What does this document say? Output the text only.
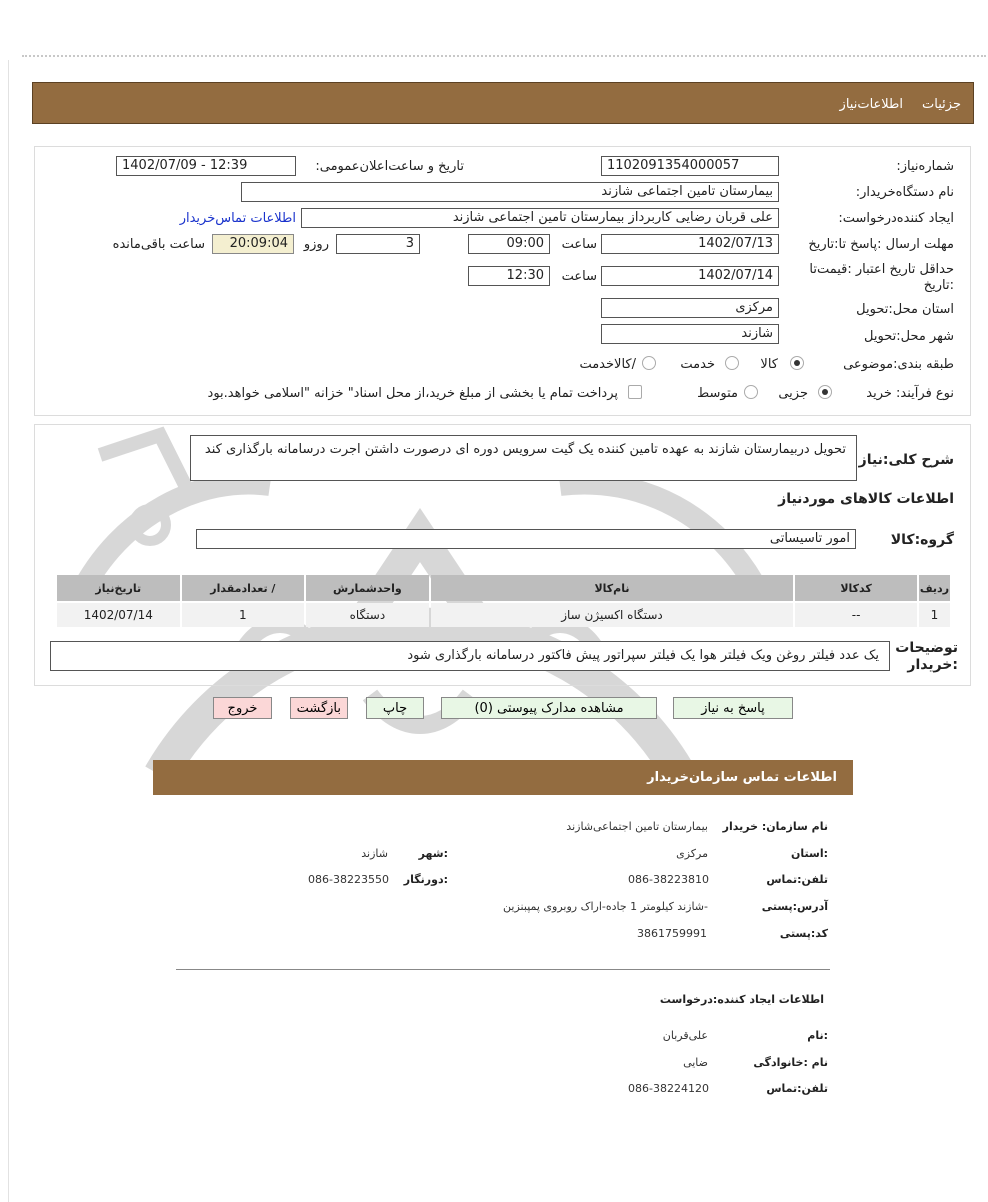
جزئیات
اطلاعات‌نیاز
شماره‌نیاز:
1102091354000057
تاریخ و ساعت‌اعلان‌عمومی:
1402/07/09 - 12:39
نام دستگاه‌خریدار:
بیمارستان تامین اجتماعی شازند
ایجاد کننده‌درخواست:
علی قربان رضایی کاربرداز بیمارستان تامین اجتماعی شازند
اطلاعات تماس‌خریدار
مهلت ارسال :پاسخ تا:تاریخ
1402/07/13
ساعت
09:00
3
روزو
20:09:04
ساعت باقی‌مانده
حداقل تاریخ اعتبار :قیمت‌تا
:تاریخ
1402/07/14
ساعت
12:30
استان محل:تحویل
مرکزی
شهر محل:تحویل
شازند
طبقه بندی:موضوعی
کالا
خدمت
/کالاخدمت
نوع فرآیند: خرید
جزیی
متوسط
پرداخت تمام یا بخشی از مبلغ خرید،از محل اسناد" خزانه "اسلامی خواهد.بود
شرح کلی:نیاز
تحویل دربیمارستان شازند به عهده تامین کننده یک گیت سرویس دوره ای درصورت داشتن اجرت درسامانه بارگذاری کند
اطلاعات کالاهای موردنیاز
گروه:کالا
امور تاسیساتی
ردیف	کدکالا	نام‌کالا	واحدشمارش	/ تعدادمقدار	تاریخ‌نیاز
1	--	دستگاه اکسیژن ساز	دستگاه	1	1402/07/14
توضیحات
:خریدار
یک عدد فیلتر روغن ویک فیلتر هوا یک فیلتر سپراتور پیش فاکتور درسامانه بارگذاری شود
پاسخ به نیاز
مشاهده مدارک پیوستی (0)
چاپ
بازگشت
خروج
اطلاعات تماس سازمان‌خریدار
نام سازمان: خریدار
بیمارستان تامین اجتماعی‌شازند
:استان
مرکزی
:شهر
شازند
تلفن:تماس
086-38223810
:دورنگار
086-38223550
آدرس:پستی
-شازند کیلومتر 1 جاده-اراک روبروی پمپبنزین
کد:پستی
3861759991
اطلاعات ایجاد کننده:درخواست
:نام
علی‌قربان
نام :خانوادگی
ضایی
تلفن:تماس
086-38224120
